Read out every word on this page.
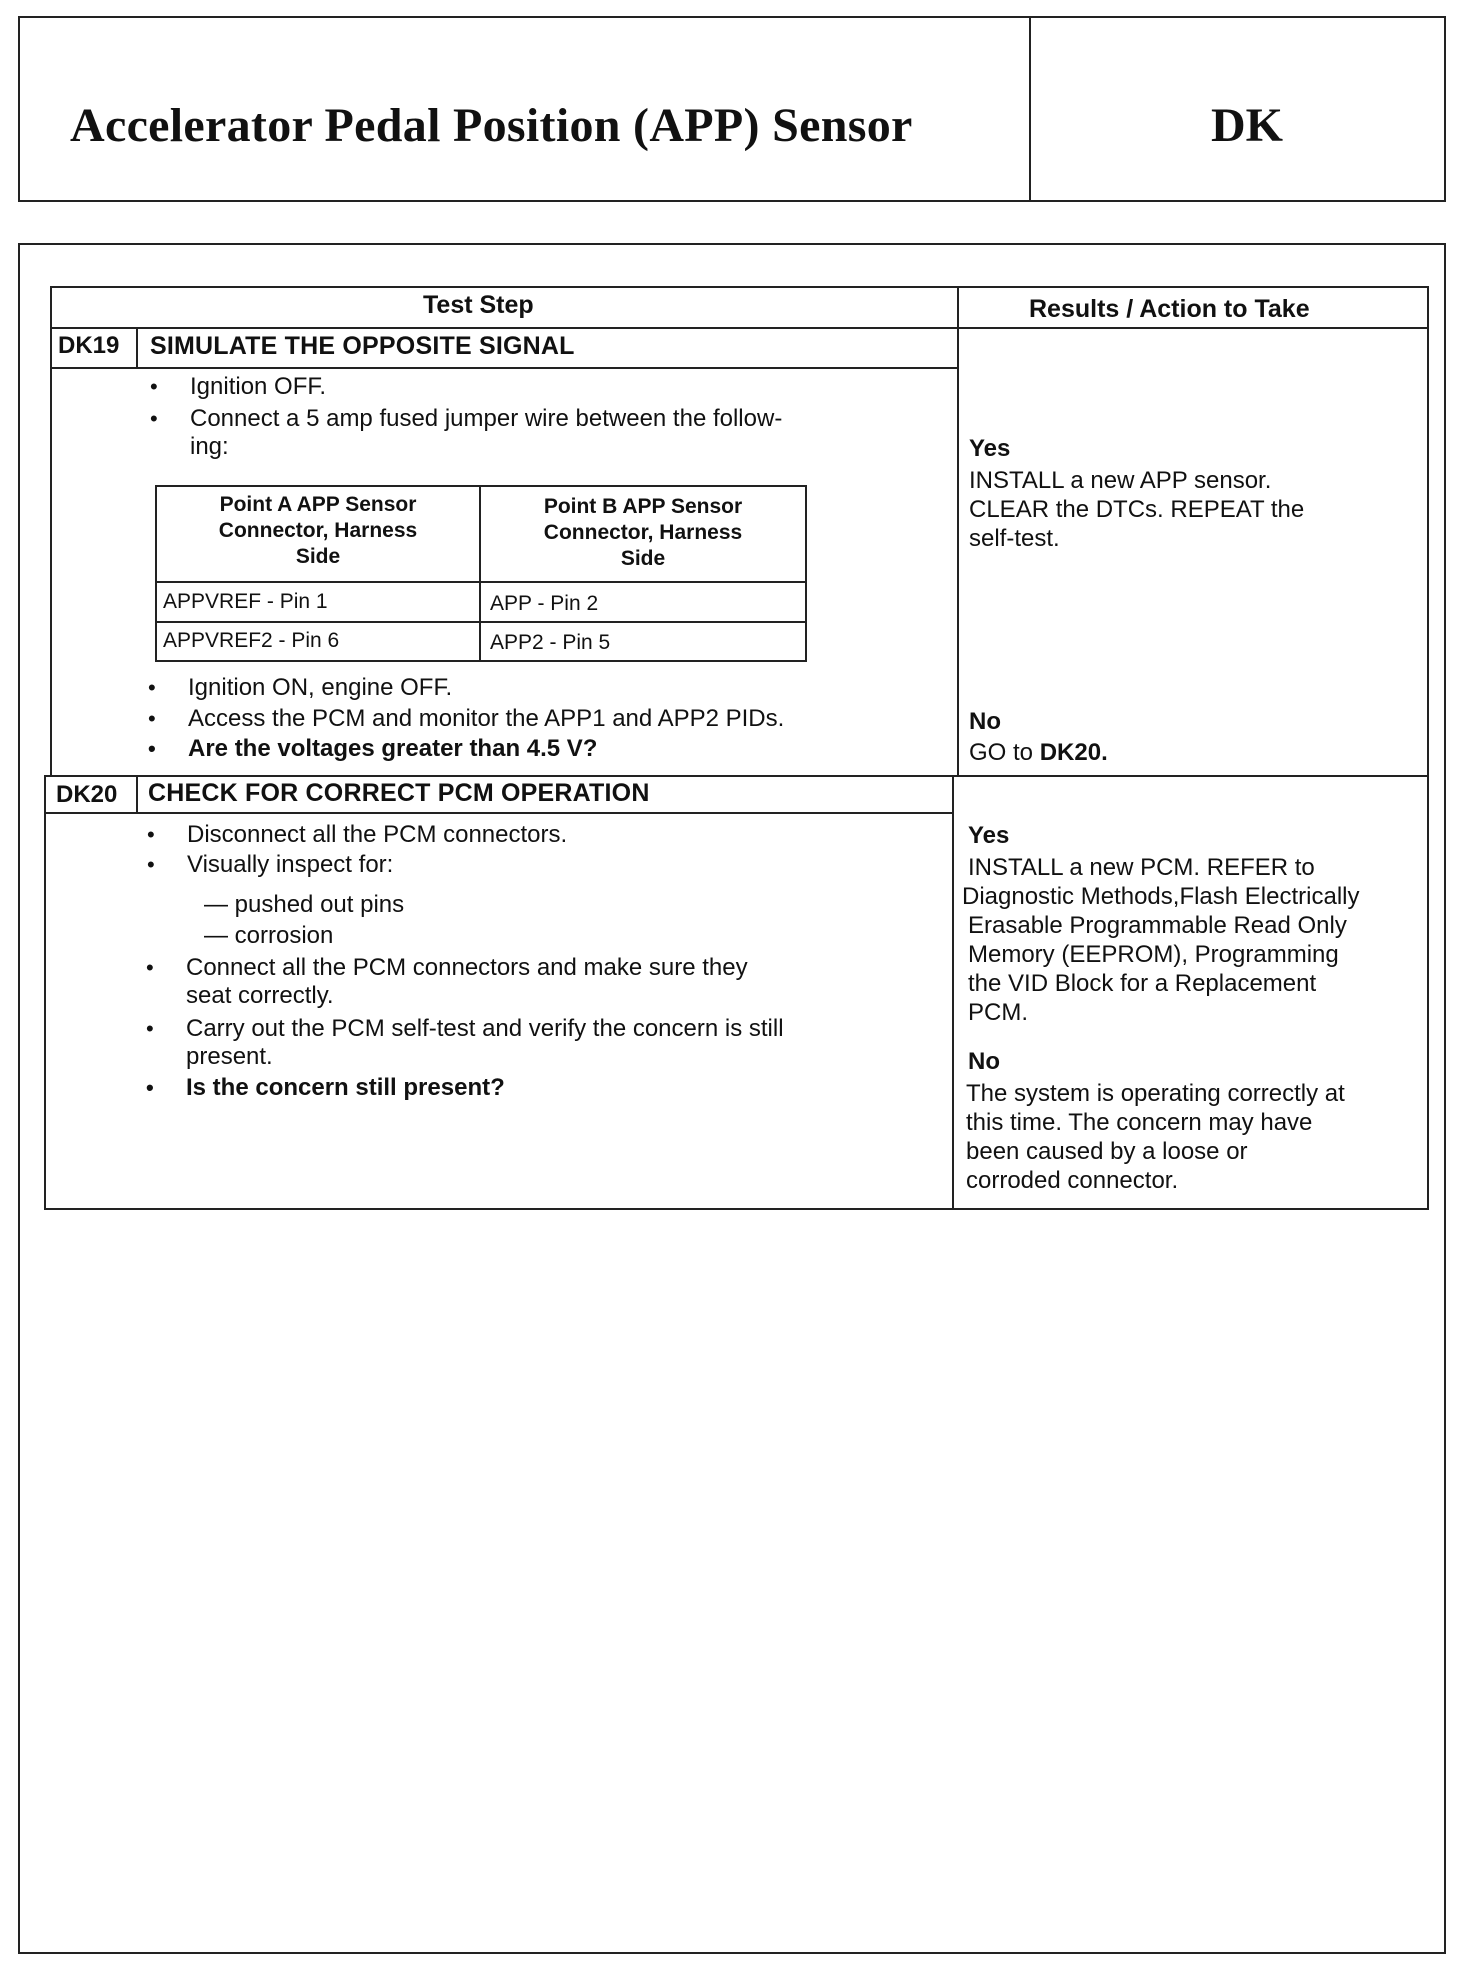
Accelerator Pedal Position (APP) Sensor	DK
Test Step	Results / Action to Take
DK19 SIMULATE THE OPPOSITE SIGNAL
• Ignition OFF.
• Connect a 5 amp fused jumper wire between the follow-
ing:
Point A APP Sensor
Connector, Harness
Side
Point B APP Sensor
Connector, Harness
Side
APPVREF - Pin 1	APP - Pin 2
APPVREF2 - Pin 6	APP2 - Pin 5
• Ignition ON, engine OFF.
• Access the PCM and monitor the APP1 and APP2 PIDs.
• Are the voltages greater than 4.5 V?
Yes
INSTALL a new APP sensor.
CLEAR the DTCs. REPEAT the
self-test.
No
GO to DK20.
DK20 CHECK FOR CORRECT PCM OPERATION
• Disconnect all the PCM connectors.
• Visually inspect for:
— pushed out pins
— corrosion
• Connect all the PCM connectors and make sure they
seat correctly.
• Carry out the PCM self-test and verify the concern is still
present.
• Is the concern still present?
Yes
INSTALL a new PCM. REFER to
Diagnostic Methods,Flash Electrically
Erasable Programmable Read Only
Memory (EEPROM), Programming
the VID Block for a Replacement
PCM.
No
The system is operating correctly at
this time. The concern may have
been caused by a loose or
corroded connector.
